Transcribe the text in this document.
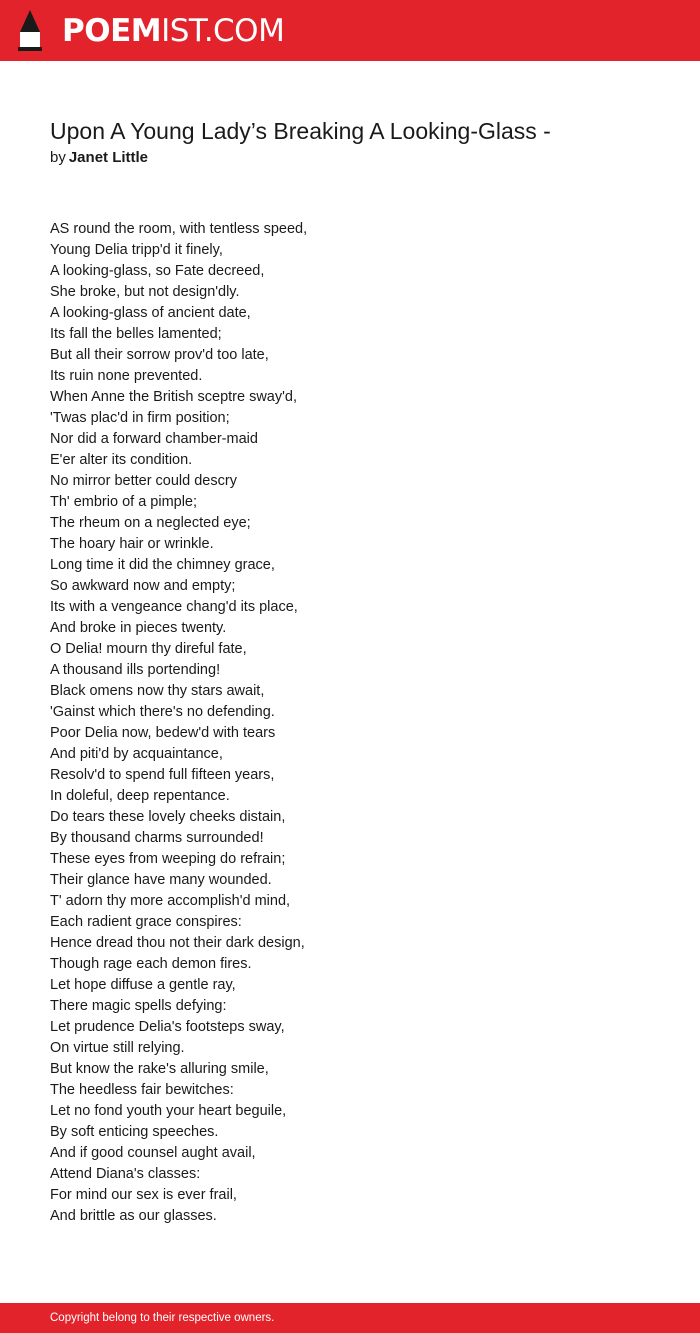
POEMIST.COM
Upon A Young Lady’s Breaking A Looking-Glass -
by Janet Little
AS round the room, with tentless speed,
Young Delia tripp'd it finely,
A looking-glass, so Fate decreed,
She broke, but not design'dly.
A looking-glass of ancient date,
Its fall the belles lamented;
But all their sorrow prov'd too late,
Its ruin none prevented.
When Anne the British sceptre sway'd,
'Twas plac'd in firm position;
Nor did a forward chamber-maid
E'er alter its condition.
No mirror better could descry
Th' embrio of a pimple;
The rheum on a neglected eye;
The hoary hair or wrinkle.
Long time it did the chimney grace,
So awkward now and empty;
Its with a vengeance chang'd its place,
And broke in pieces twenty.
O Delia! mourn thy direful fate,
A thousand ills portending!
Black omens now thy stars await,
'Gainst which there's no defending.
Poor Delia now, bedew'd with tears
And piti'd by acquaintance,
Resolv'd to spend full fifteen years,
In doleful, deep repentance.
Do tears these lovely cheeks distain,
By thousand charms surrounded!
These eyes from weeping do refrain;
Their glance have many wounded.
T' adorn thy more accomplish'd mind,
Each radient grace conspires:
Hence dread thou not their dark design,
Though rage each demon fires.
Let hope diffuse a gentle ray,
There magic spells defying:
Let prudence Delia's footsteps sway,
On virtue still relying.
But know the rake's alluring smile,
The heedless fair bewitches:
Let no fond youth your heart beguile,
By soft enticing speeches.
And if good counsel aught avail,
Attend Diana's classes:
For mind our sex is ever frail,
And brittle as our glasses.
Copyright belong to their respective owners.
